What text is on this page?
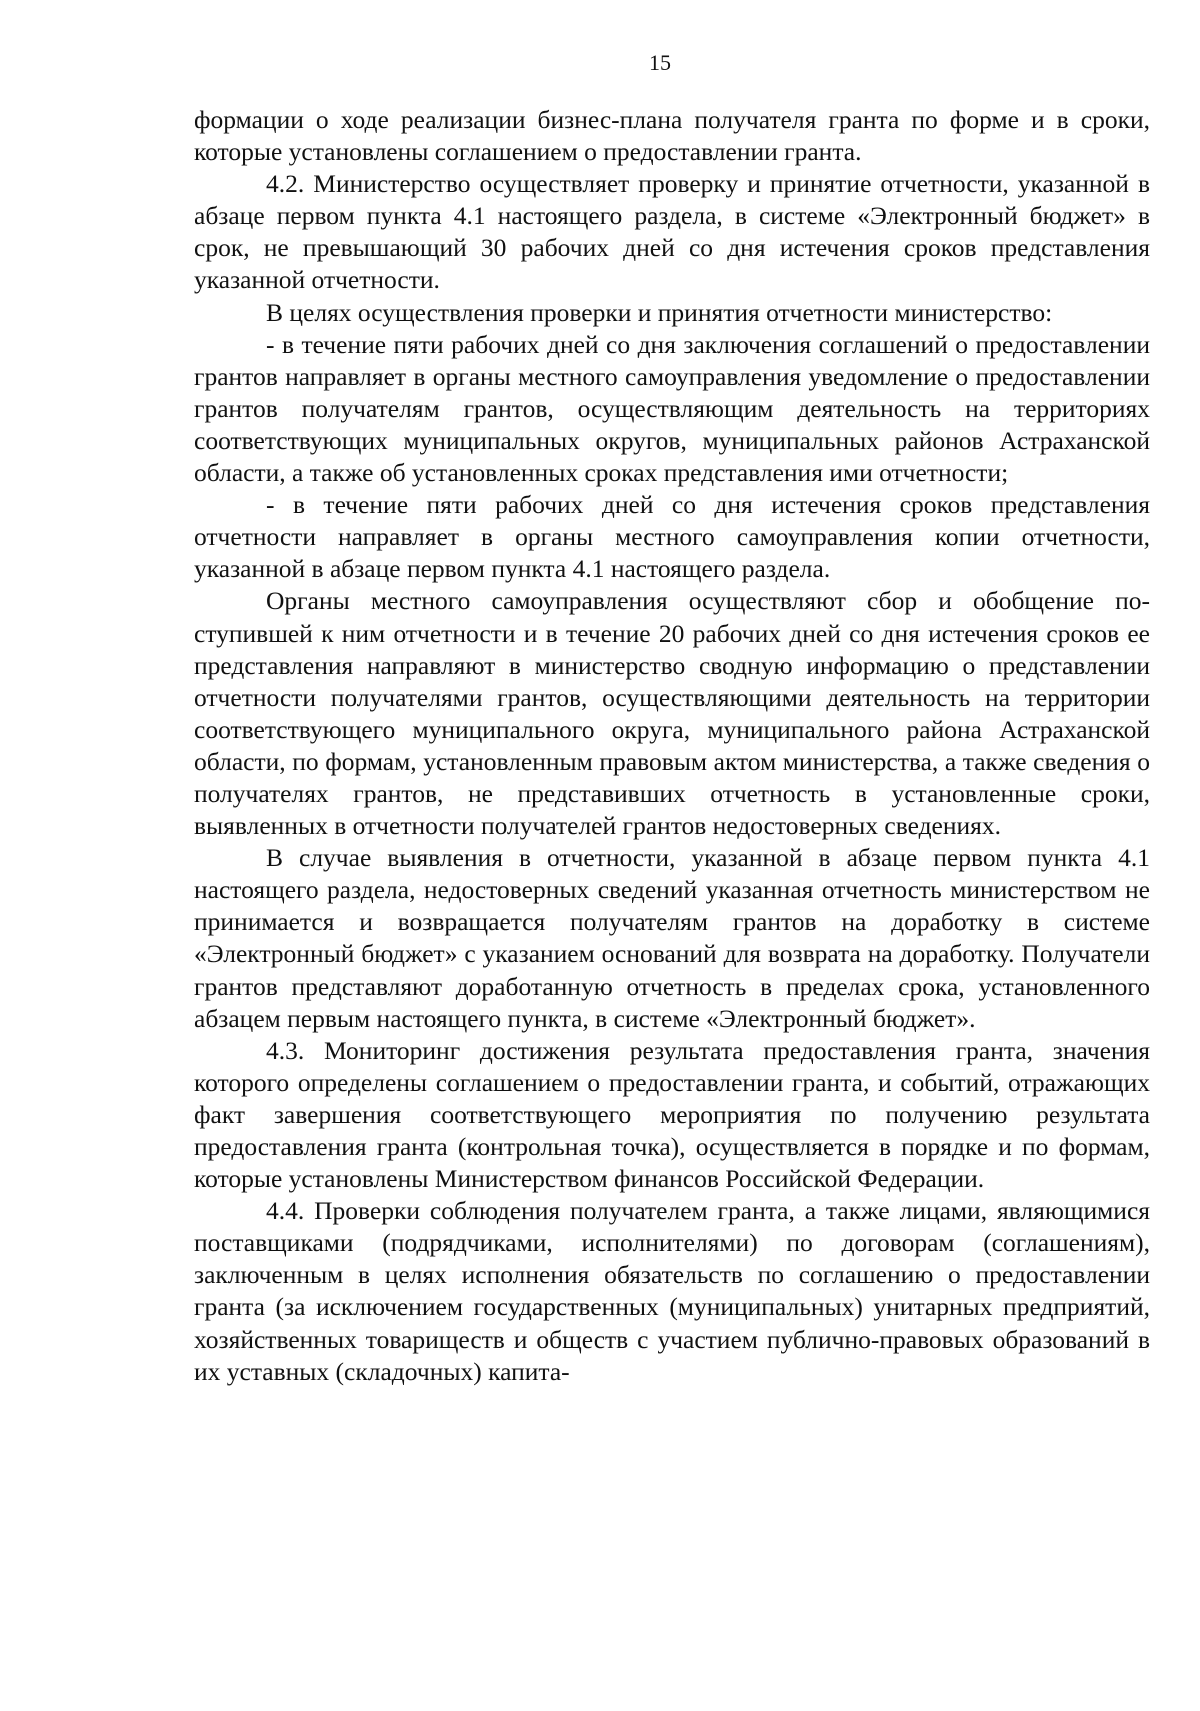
15

формации о ходе реализации бизнес-плана получателя гранта по форме и в сроки, которые установлены соглашением о предоставлении гранта.

4.2. Министерство осуществляет проверку и принятие отчетности, указанной в абзаце первом пункта 4.1 настоящего раздела, в системе «Электронный бюджет» в срок, не превышающий 30 рабочих дней со дня истечения сроков представления указанной отчетности.

В целях осуществления проверки и принятия отчетности министерство:

- в течение пяти рабочих дней со дня заключения соглашений о предоставлении грантов направляет в органы местного самоуправления уведомление о предоставлении грантов получателям грантов, осуществляющим деятельность на территориях соответствующих муниципальных округов, муниципальных районов Астраханской области, а также об установленных сроках представления ими отчетности;

- в течение пяти рабочих дней со дня истечения сроков представления отчетности направляет в органы местного самоуправления копии отчетности, указанной в абзаце первом пункта 4.1 настоящего раздела.

Органы местного самоуправления осуществляют сбор и обобщение поступившей к ним отчетности и в течение 20 рабочих дней со дня истечения сроков ее представления направляют в министерство сводную информацию о представлении отчетности получателями грантов, осуществляющими деятельность на территории соответствующего муниципального округа, муниципального района Астраханской области, по формам, установленным правовым актом министерства, а также сведения о получателях грантов, не представивших отчетность в установленные сроки, выявленных в отчетности получателей грантов недостоверных сведениях.

В случае выявления в отчетности, указанной в абзаце первом пункта 4.1 настоящего раздела, недостоверных сведений указанная отчетность министерством не принимается и возвращается получателям грантов на доработку в системе «Электронный бюджет» с указанием оснований для возврата на доработку. Получатели грантов представляют доработанную отчетность в пределах срока, установленного абзацем первым настоящего пункта, в системе «Электронный бюджет».

4.3. Мониторинг достижения результата предоставления гранта, значения которого определены соглашением о предоставлении гранта, и событий, отражающих факт завершения соответствующего мероприятия по получению результата предоставления гранта (контрольная точка), осуществляется в порядке и по формам, которые установлены Министерством финансов Российской Федерации.

4.4. Проверки соблюдения получателем гранта, а также лицами, являющимися поставщиками (подрядчиками, исполнителями) по договорам (соглашениям), заключенным в целях исполнения обязательств по соглашению о предоставлении гранта (за исключением государственных (муниципальных) унитарных предприятий, хозяйственных товариществ и обществ с участием публично-правовых образований в их уставных (складочных) капита-
